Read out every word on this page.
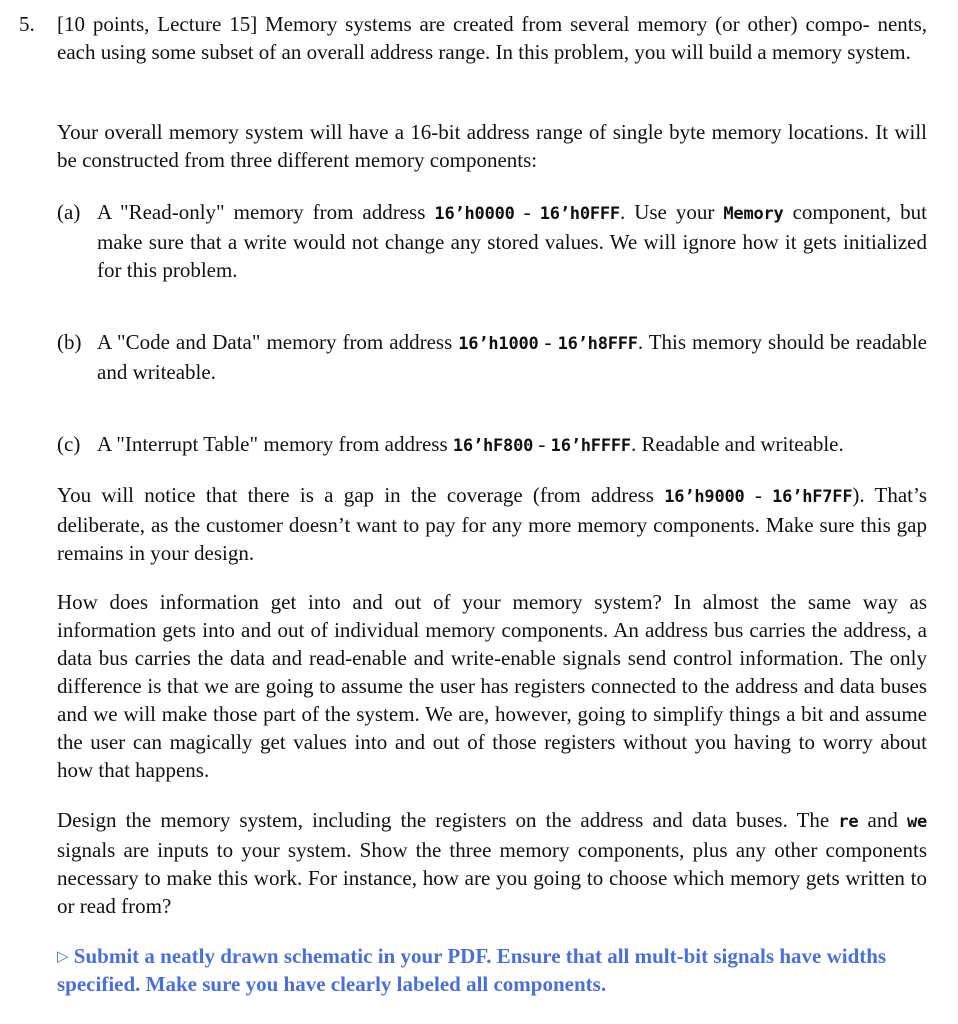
5. [10 points, Lecture 15] Memory systems are created from several memory (or other) compo- nents, each using some subset of an overall address range. In this problem, you will build a memory system.
Your overall memory system will have a 16-bit address range of single byte memory locations. It will be constructed from three different memory components:
(a) A "Read-only" memory from address 16’h0000 - 16’h0FFF. Use your Memory component, but make sure that a write would not change any stored values. We will ignore how it gets initialized for this problem.
(b) A "Code and Data" memory from address 16’h1000 - 16’h8FFF. This memory should be readable and writeable.
(c) A "Interrupt Table" memory from address 16’hF800 - 16’hFFFF. Readable and writeable.
You will notice that there is a gap in the coverage (from address 16’h9000 - 16’hF7FF). That’s deliberate, as the customer doesn’t want to pay for any more memory components. Make sure this gap remains in your design.
How does information get into and out of your memory system? In almost the same way as information gets into and out of individual memory components. An address bus carries the address, a data bus carries the data and read-enable and write-enable signals send control information. The only difference is that we are going to assume the user has registers connected to the address and data buses and we will make those part of the system. We are, however, going to simplify things a bit and assume the user can magically get values into and out of those registers without you having to worry about how that happens.
Design the memory system, including the registers on the address and data buses. The re and we signals are inputs to your system. Show the three memory components, plus any other components necessary to make this work. For instance, how are you going to choose which memory gets written to or read from?
▷ Submit a neatly drawn schematic in your PDF. Ensure that all mult-bit signals have widths specified. Make sure you have clearly labeled all components.
